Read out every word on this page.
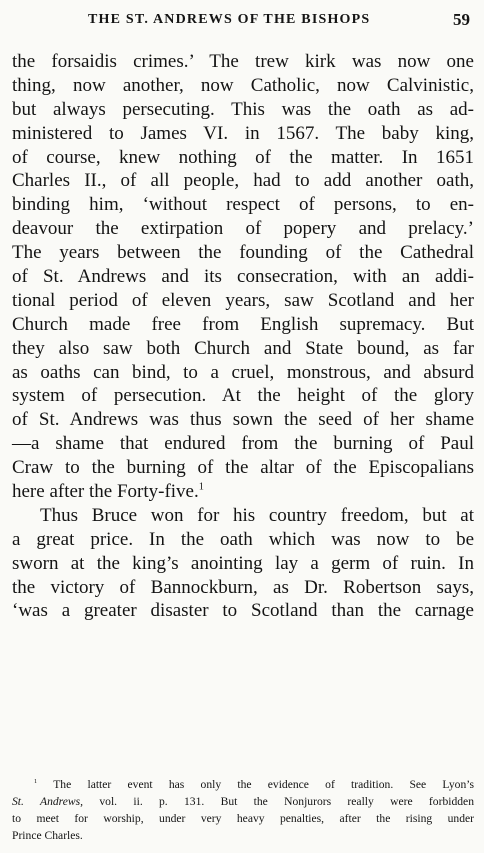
THE ST. ANDREWS OF THE BISHOPS	59
the forsaidis crimes.’ The trew kirk was now one
thing, now another, now Catholic, now Calvinistic,
but always persecuting. This was the oath as ad-
ministered to James VI. in 1567. The baby king,
of course, knew nothing of the matter. In 1651
Charles II., of all people, had to add another oath,
binding him, ‘without respect of persons, to en-
deavour the extirpation of popery and prelacy.’
The years between the founding of the Cathedral
of St. Andrews and its consecration, with an addi-
tional period of eleven years, saw Scotland and her
Church made free from English supremacy. But
they also saw both Church and State bound, as far
as oaths can bind, to a cruel, monstrous, and absurd
system of persecution. At the height of the glory
of St. Andrews was thus sown the seed of her shame
—a shame that endured from the burning of Paul
Craw to the burning of the altar of the Episcopalians
here after the Forty-five.$^1$
Thus Bruce won for his country freedom, but at
a great price. In the oath which was now to be
sworn at the king’s anointing lay a germ of ruin. In
the victory of Bannockburn, as Dr. Robertson says,
‘was a greater disaster to Scotland than the carnage
$^1$ The latter event has only the evidence of tradition. See Lyon’s
St. Andrews, vol. ii. p. 131. But the Nonjurors really were forbidden
to meet for worship, under very heavy penalties, after the rising under
Prince Charles.
